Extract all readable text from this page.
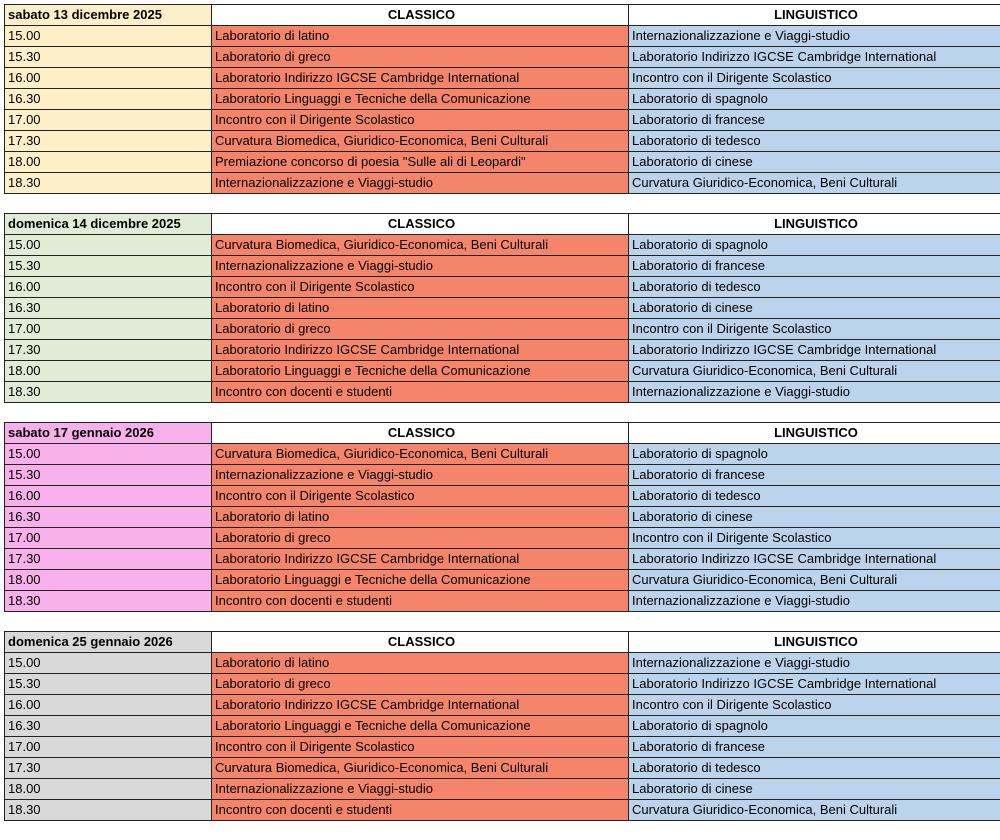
sabato 13 dicembre 2025	CLASSICO	LINGUISTICO
15.00	Laboratorio di latino	Internazionalizzazione e Viaggi-studio
15.30	Laboratorio di greco	Laboratorio Indirizzo IGCSE Cambridge International
16.00	Laboratorio Indirizzo IGCSE Cambridge International	Incontro con il Dirigente Scolastico
16.30	Laboratorio Linguaggi e Tecniche della Comunicazione	Laboratorio di spagnolo
17.00	Incontro con il Dirigente Scolastico	Laboratorio di francese
17.30	Curvatura Biomedica, Giuridico-Economica, Beni Culturali	Laboratorio di tedesco
18.00	Premiazione concorso di poesia "Sulle ali di Leopardi"	Laboratorio di cinese
18.30	Internazionalizzazione e Viaggi-studio	Curvatura Giuridico-Economica, Beni Culturali
domenica 14 dicembre 2025	CLASSICO	LINGUISTICO
15.00	Curvatura Biomedica, Giuridico-Economica, Beni Culturali	Laboratorio di spagnolo
15.30	Internazionalizzazione e Viaggi-studio	Laboratorio di francese
16.00	Incontro con il Dirigente Scolastico	Laboratorio di tedesco
16.30	Laboratorio di latino	Laboratorio di cinese
17.00	Laboratorio di greco	Incontro con il Dirigente Scolastico
17.30	Laboratorio Indirizzo IGCSE Cambridge International	Laboratorio Indirizzo IGCSE Cambridge International
18.00	Laboratorio Linguaggi e Tecniche della Comunicazione	Curvatura Giuridico-Economica, Beni Culturali
18.30	Incontro con docenti e studenti	Internazionalizzazione e Viaggi-studio
sabato 17 gennaio 2026	CLASSICO	LINGUISTICO
15.00	Curvatura Biomedica, Giuridico-Economica, Beni Culturali	Laboratorio di spagnolo
15.30	Internazionalizzazione e Viaggi-studio	Laboratorio di francese
16.00	Incontro con il Dirigente Scolastico	Laboratorio di tedesco
16.30	Laboratorio di latino	Laboratorio di cinese
17.00	Laboratorio di greco	Incontro con il Dirigente Scolastico
17.30	Laboratorio Indirizzo IGCSE Cambridge International	Laboratorio Indirizzo IGCSE Cambridge International
18.00	Laboratorio Linguaggi e Tecniche della Comunicazione	Curvatura Giuridico-Economica, Beni Culturali
18.30	Incontro con docenti e studenti	Internazionalizzazione e Viaggi-studio
domenica 25 gennaio 2026	CLASSICO	LINGUISTICO
15.00	Laboratorio di latino	Internazionalizzazione e Viaggi-studio
15.30	Laboratorio di greco	Laboratorio Indirizzo IGCSE Cambridge International
16.00	Laboratorio Indirizzo IGCSE Cambridge International	Incontro con il Dirigente Scolastico
16.30	Laboratorio Linguaggi e Tecniche della Comunicazione	Laboratorio di spagnolo
17.00	Incontro con il Dirigente Scolastico	Laboratorio di francese
17.30	Curvatura Biomedica, Giuridico-Economica, Beni Culturali	Laboratorio di tedesco
18.00	Internazionalizzazione e Viaggi-studio	Laboratorio di cinese
18.30	Incontro con docenti e studenti	Curvatura Giuridico-Economica, Beni Culturali
